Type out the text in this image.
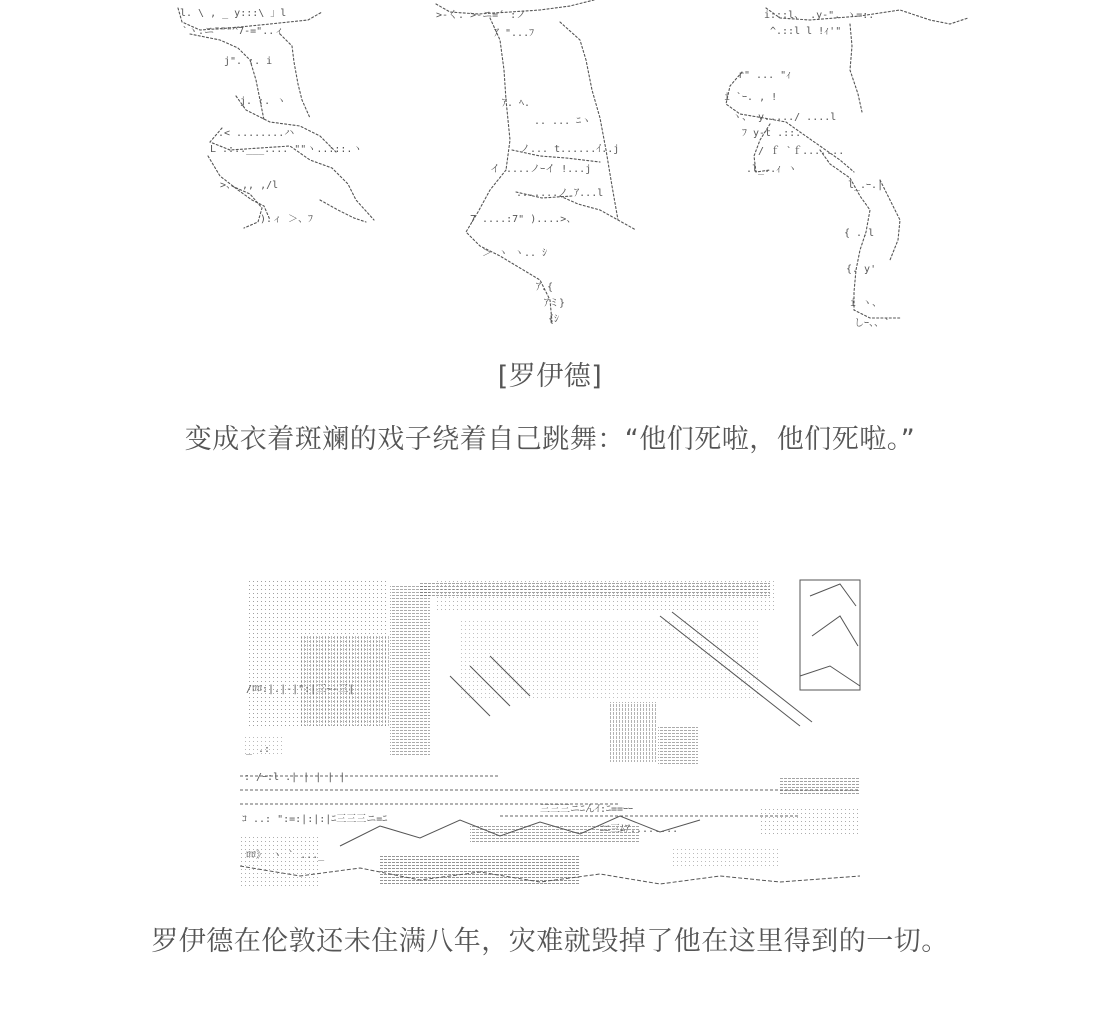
l. \ , _ y:::\ 」l
`ヽ.ニ"""^7-="..ィ
j". :. i
j. :. ヽ
.< ........ハ
L .:..___.... ""ヽ..:::.ヽ
>、 ,, ,/l
).ィ ＞、ﾌ
>-く. >-ニ=´ :ノ
ｱ "...ﾌ
ｱ. ﾍ.
.. ... ﾆヽ
ノ... t......ｲ..j
イ ....ノｰイ !...j
.......ノ ｱ...l
7 ....:7" )....>、
＞ ヽ ヽ.. ｼ
ｱ.{
ｱミ}
{ｼ
i:::l、 .y-". ヽ=:.
^.::l l !ｨ'"
r" ... "ｨ
i `ｰ. , !
ヽ、 y...../ ....l
ﾌ y-t .::.
/ ｆ `ｆ.......
.l_..ｨ ヽ
l_.ｰ.|
{ ..l
{. y'
i ヽ、
しｰ、、`
[罗伊德]
变成衣着斑斓的戏子绕着自己跳舞：“他们死啦，他们死啦。”
/ﾛﾛ:|.|-|":|三~-三|
_ .:
: /ｰ:l .| | | | |
ｺ ..: ":=:|:|:|ﾆ三三三ニ=ﾆ
ﾛﾛ》 ヽ ` ..._
三三三ニﾆんｲ:ﾆ==ｰｰ
ﾆﾆ三ﾑｱ........
罗伊德在伦敦还未住满八年，灾难就毁掉了他在这里得到的一切。
